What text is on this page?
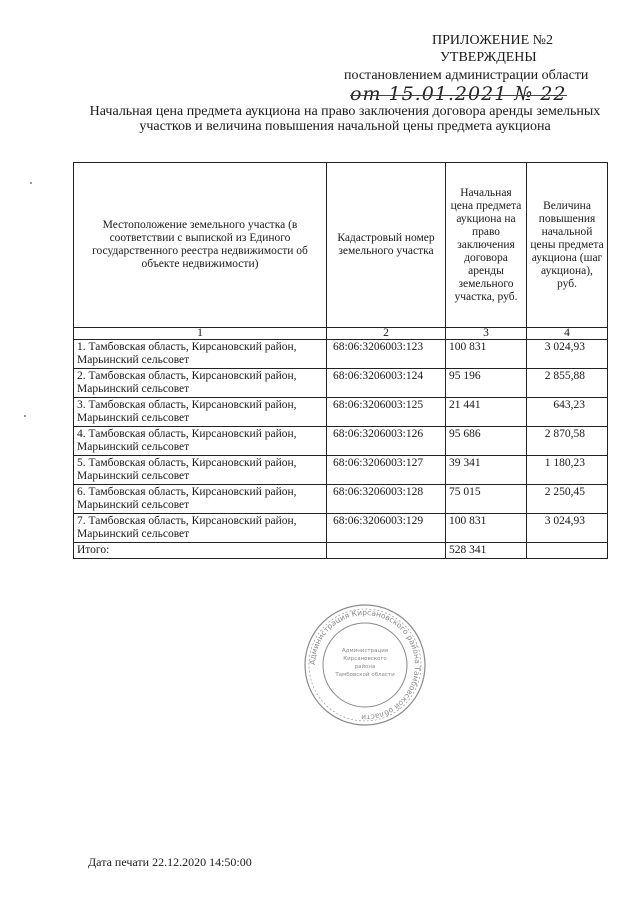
ПРИЛОЖЕНИЕ №2
УТВЕРЖДЕНЫ
постановлением администрации области
от 15.01.2021 № 22
Начальная цена предмета аукциона на право заключения договора аренды земельных участков и величина повышения начальной цены предмета аукциона
Местоположение земельного участка (в соответствии с выпиской из Единого государственного реестра недвижимости об объекте недвижимости)	Кадастровый номер земельного участка	Начальная цена предмета аукциона на право заключения договора аренды земельного участка, руб.	Величина повышения начальной цены предмета аукциона (шаг аукциона), руб.
1	2	3	4
1. Тамбовская область, Кирсановский район, Марьинский сельсовет	68:06:3206003:123	100 831	3 024,93
2. Тамбовская область, Кирсановский район, Марьинский сельсовет	68:06:3206003:124	95 196	2 855,88
3. Тамбовская область, Кирсановский район, Марьинский сельсовет	68:06:3206003:125	21 441	643,23
4. Тамбовская область, Кирсановский район, Марьинский сельсовет	68:06:3206003:126	95 686	2 870,58
5. Тамбовская область, Кирсановский район, Марьинский сельсовет	68:06:3206003:127	39 341	1 180,23
6. Тамбовская область, Кирсановский район, Марьинский сельсовет	68:06:3206003:128	75 015	2 250,45
7. Тамбовская область, Кирсановский район, Марьинский сельсовет	68:06:3206003:129	100 831	3 024,93
Итого:		528 341	
Администрация Кирсановского района Тамбовской области
Администрация
Кирсановского
района
Тамбовской области
Дата печати 22.12.2020 14:50:00
